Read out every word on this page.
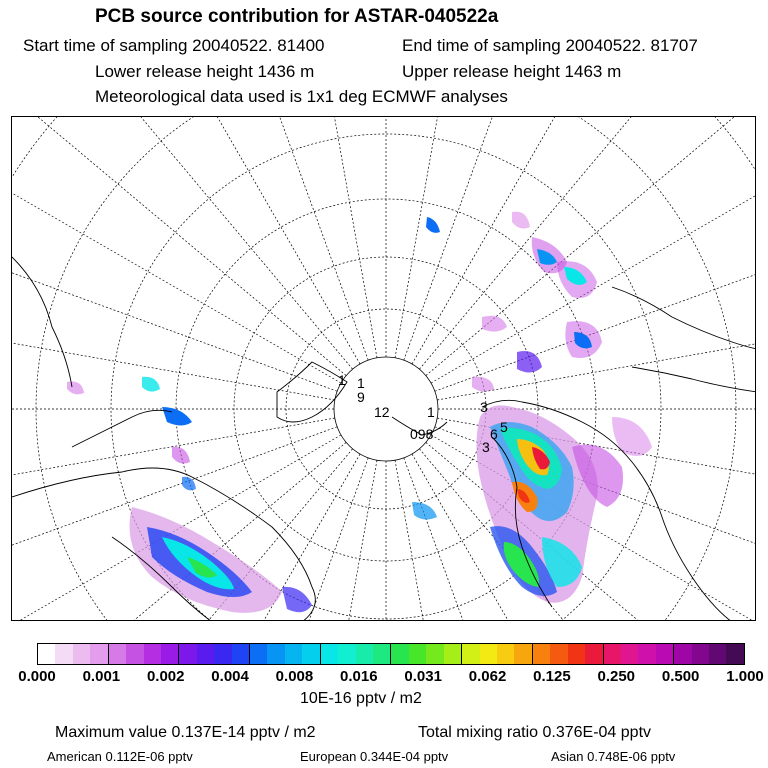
PCB source contribution for ASTAR-040522a
Start time of sampling 20040522. 81400	End time of sampling 20040522. 81707
Lower release height 1436 m	Upper release height 1463 m
Meteorological data used is 1x1 deg ECMWF analyses
1 1
9
12	1
098
3
6 5
3
0.000 0.001 0.002 0.004 0.008 0.016 0.031 0.062 0.125 0.250 0.500 1.000
10E-16 pptv / m2
Maximum value 0.137E-14 pptv / m2	Total mixing ratio 0.376E-04 pptv
American 0.112E-06 pptv	European 0.344E-04 pptv	Asian 0.748E-06 pptv
